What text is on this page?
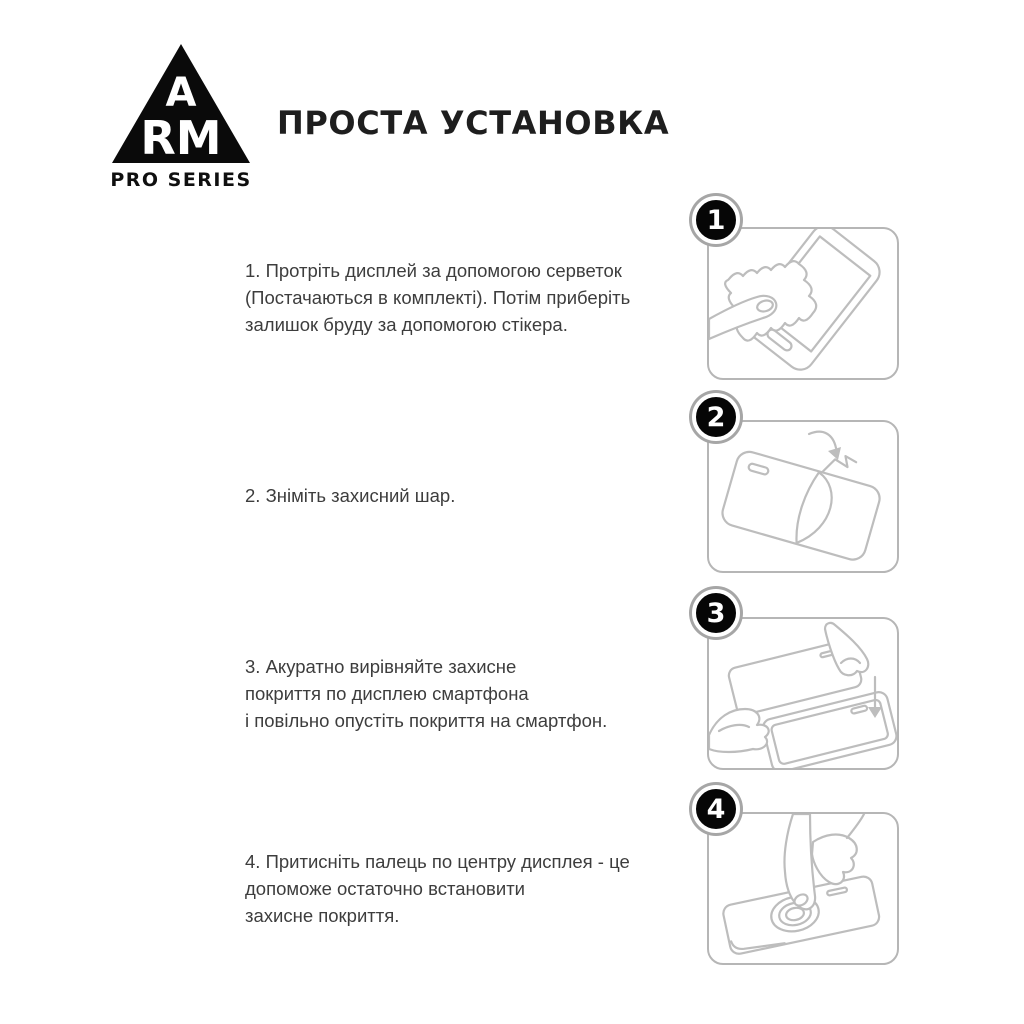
A
RM
PRO SERIES
ПРОСТА УСТАНОВКА
1. Протріть дисплей за допомогою серветок
(Постачаються в комплекті). Потім приберіть
залишок бруду за допомогою стікера.
2. Зніміть захисний шар.
3. Акуратно вирівняйте захисне
покриття по дисплею смартфона
і повільно опустіть покриття на смартфон.
4. Притисніть палець по центру дисплея - це
допоможе остаточно встановити
захисне покриття.
1
2
3
4
